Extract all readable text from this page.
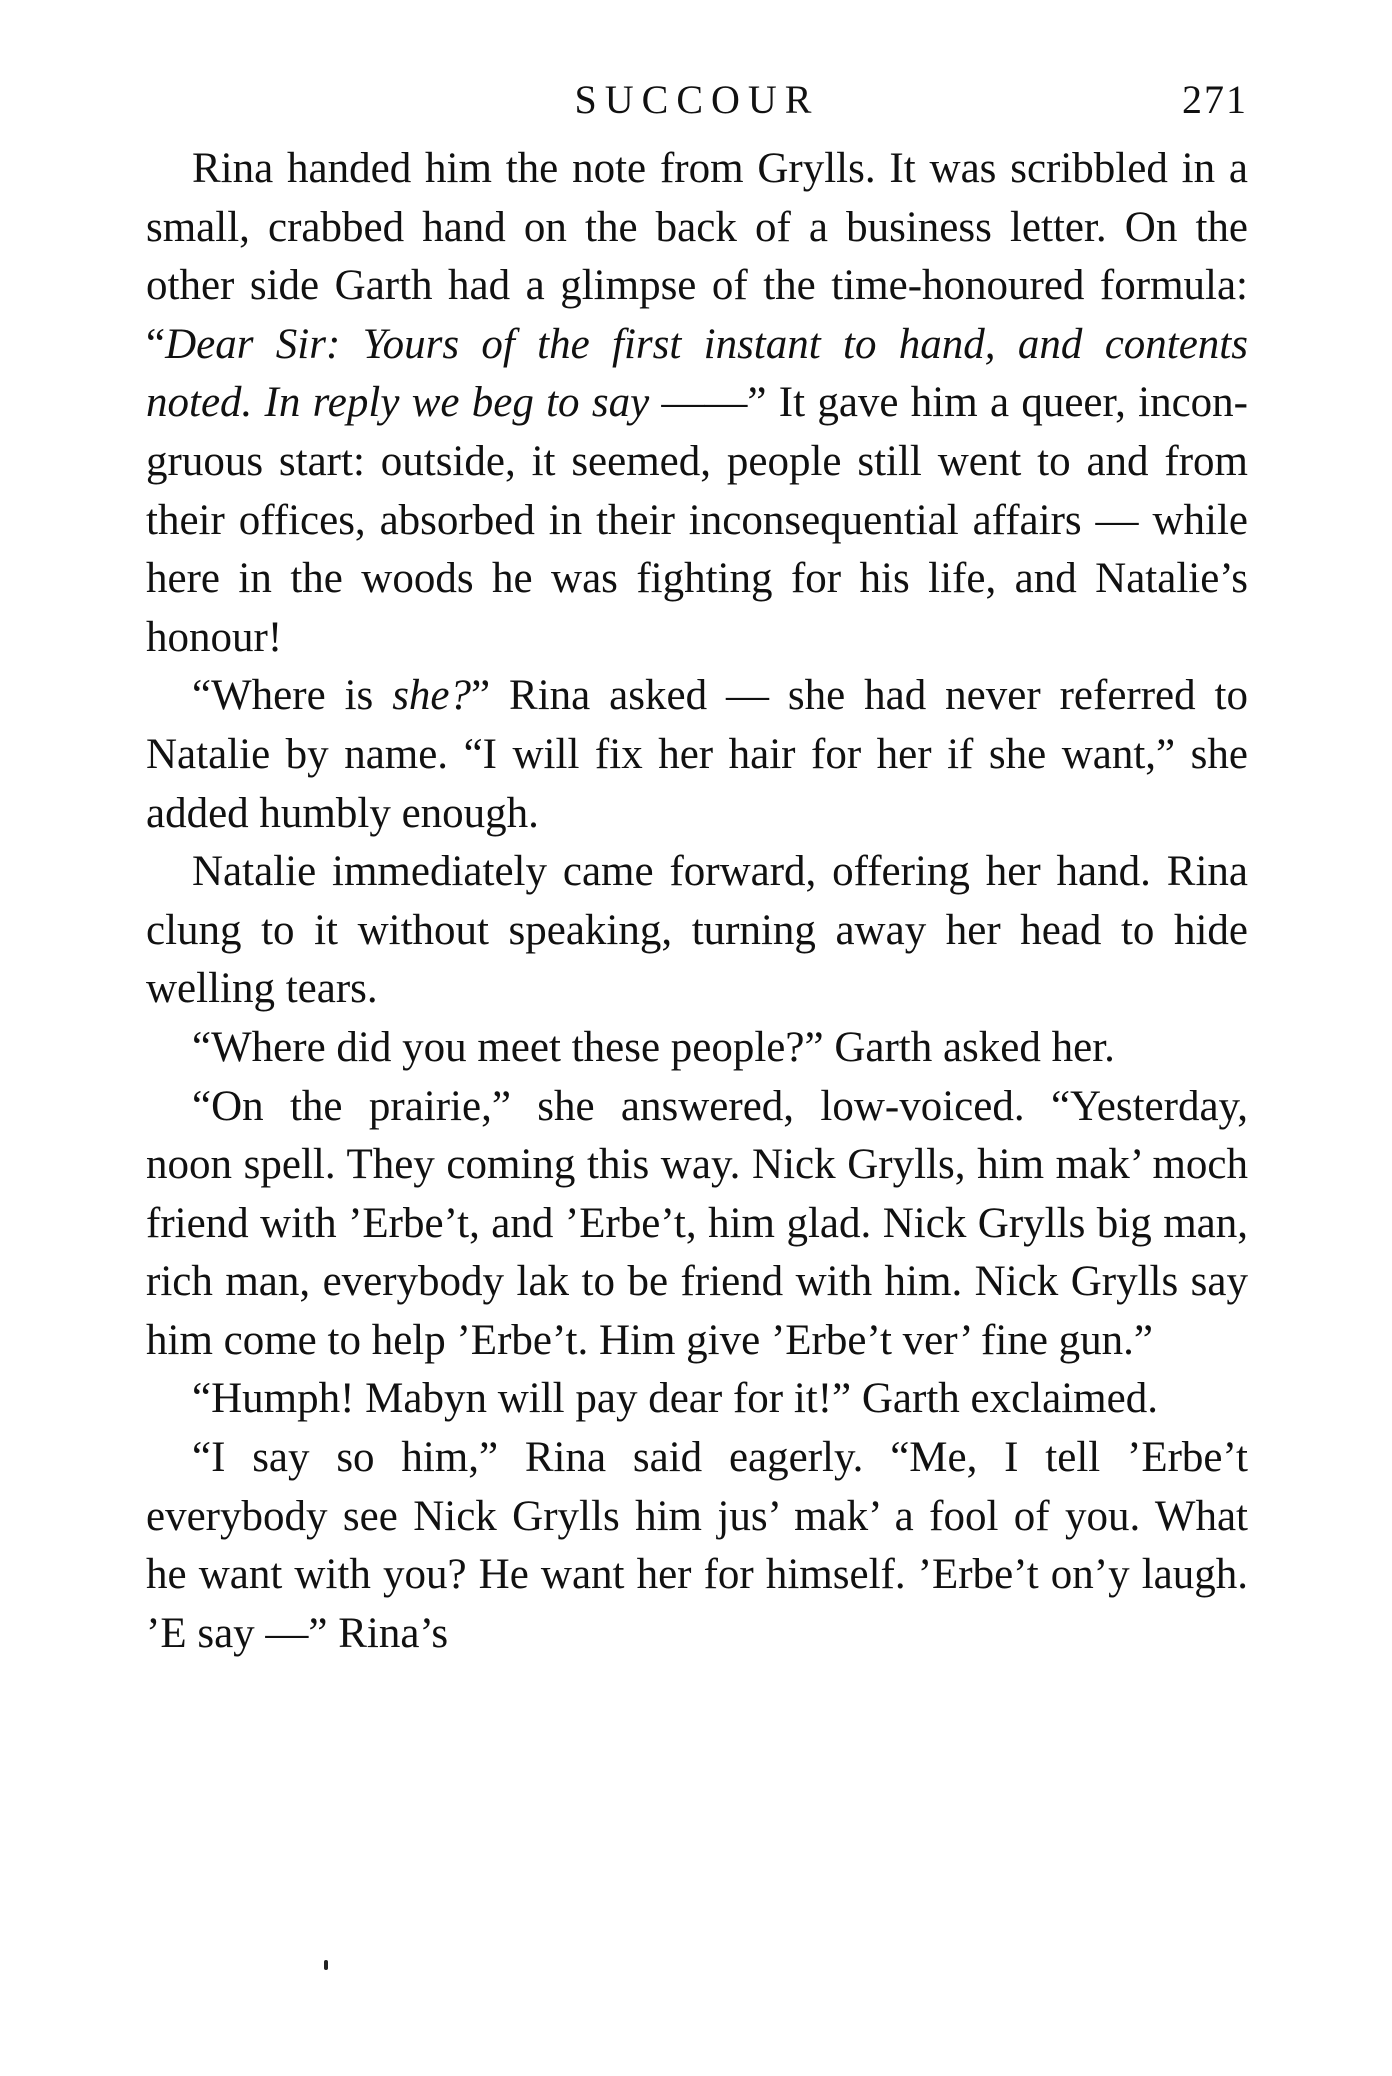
SUCCOUR	271

Rina handed him the note from Grylls. It was scribbled in a small, crabbed hand on the back of a business letter. On the other side Garth had a glimpse of the time-honoured formula: “Dear Sir: Yours of the first instant to hand, and contents noted. In reply we beg to say ——” It gave him a queer, incongruous start: outside, it seemed, people still went to and from their offices, absorbed in their inconsequential affairs — while here in the woods he was fighting for his life, and Natalie’s honour!

“Where is she?” Rina asked — she had never referred to Natalie by name. “I will fix her hair for her if she want,” she added humbly enough.

Natalie immediately came forward, offering her hand. Rina clung to it without speaking, turning away her head to hide welling tears.

“Where did you meet these people?” Garth asked her.

“On the prairie,” she answered, low-voiced. “Yesterday, noon spell. They coming this way. Nick Grylls, him mak’ moch friend with ’Erbe’t, and ’Erbe’t, him glad. Nick Grylls big man, rich man, everybody lak to be friend with him. Nick Grylls say him come to help ’Erbe’t. Him give ’Erbe’t ver’ fine gun.”

“Humph! Mabyn will pay dear for it!” Garth exclaimed.

“I say so him,” Rina said eagerly. “Me, I tell ’Erbe’t everybody see Nick Grylls him jus’ mak’ a fool of you. What he want with you? He want her for himself. ’Erbe’t on’y laugh. ’E say —” Rina’s
